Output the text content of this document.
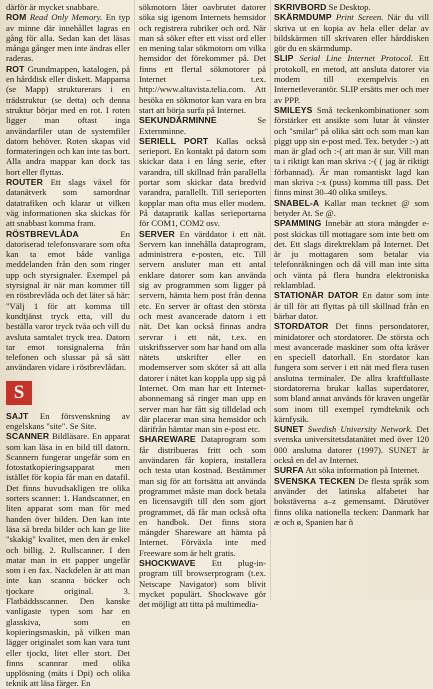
därför är mycket snabbare.

ROM Read Only Memory. En typ av minne där innehållet lagras en gång för alla. Sedan kan det läsas många gånger men inte ändras eller raderas.

ROT Grundmappen, katalogen, på en hårddisk eller diskett. Mapparna (se Mapp) strukturerars i en trädstruktur (se detta) och denna struktur börjar med en rot. I roten ligger man oftast inga användarfiler utan de systemfiler datorn behöver. Roten skapas vid formateringen och kan inte tas bort. Alla andra mappar kan dock tas bort eller flyttas.

ROUTER Ett slags växel för datanätverk som samordnar datatrafiken och klarar ut vilken väg informationen ska skickas för att snabbast komma fram.

RÖSTBREVLÅDA	En datoriserad telefonsvarare som ofta kan ta emot både vanliga meddelanden från den som ringer upp och styrsignaler. Exempel på styrsignal är när man kommer till en röstbrevlåda och det läter så här: "Välj 1 för att komma till kundtjänst tryck etta, vill du beställa varor tryck tvåa och vill du avsluta samtalet tryck trea. Datorn tar emot tonsignalerna från telefonen och slussar på så sätt användaren vidare i röstbrevlådan.

S

SAJT En försvenskning av engelskans "site". Se Site.

SCANNER Bildläsare. En apparat som kan läsa in en bild till datorn. Scannern fungerar ungefär som en fotostatkopieringsapparat men istället för kopia får man en datafil. Det finns huvudsakligen tre olika sorters scanner: 1. Handscanner, en liten apparat som man för med handen över bilden. Den kan inte läsa så breda bilder och kan ge lite "skakig" kvalitet, men den är enkel och billig. 2. Rullscanner. I den matar man in ett papper ungefär som i en fax. Nackdelen är att man inte kan scanna böcker och tjockare original. 3. Flatbäddsscanner. Den kanske vanligaste typen som har en glasskiva, som en kopieringsmaskin, på vilken man lägger originalet som kan vara tunt eller tjockt, litet eller stort. Det finns scannrar med olika upplösning (mäts i Dpi) och olika teknik att läsa färger. En

sökmotorn låter oavbrutet datorer söka sig igenom Internets hemsidor och registrera rubriker och ord. När man så söker efter ett visst ord eller en mening talar sökmotorn om vilka hemsidor det förekommer på. Det finns ett flertal sökmotorer på Internet – t.ex. http://www.altavista.telia.com. Att besöka en sökmotor kan vara en bra start att börja surfa på Internet.

SEKUNDÄRMINNE	Se Externminne.

SERIELL PORT Kallas också serieport. En kontakt på datorn som skickar data i en lång serie, efter varandra, till skillnad från parallella portar som skickar data bredvid varandra, parallellt. Till serieporten kopplar man ofta mus eller modem. På datapratik kallas serieportarna för COM1, COM2 osv.

SERVER En värddator i ett nät. Servern kan innehålla dataprogram, administrera e-posten, etc. Till servern ansluter man ett antal enklare datorer som kan använda sig av programmen som ligger på servern, hämta hem post från denna etc. En server är oftast den största och mest avancerade datorn i ett nät. Det kan också finnas andra servrar i ett nät, t.ex. en utskriftsserver som har hand om alla nätets utskrifter eller en modemserver som sköter så att alla datorer i nätet kan koppla upp sig på Internet. Om man har ett Internet-abonnemang så ringer man upp en server man har fått sig tilldelad och där placerar man sina hemsidor och därifrån hämtar man sin e-post etc.

SHAREWARE Dataprogram som får distribueras fritt och som användaren får kopiera, installera och testa utan kostnad. Bestämmer man sig för att fortsätta att använda programmet måste man dock betala en licensavgift till den som gjort programmet, då får man också ofta en handbok. Det finns stora mängder Shareware att hämta på Internet. Förväxla inte med Freeware som är helt gratis.

SHOCKWAVE Ett plug-in-program till browserprogram (t.ex. Netscape Navigator) som blivit mycket populärt. Shockwave gör det möjligt att titta på multimedia-

SKRIVBORD Se Desktop.

SKÄRMDUMP Print Screen. När du vill skriva ut en kopia av hela eller delar av bildskärmen till skrivaren eller hårddisken gör du en skärmdump.

SLIP Serial Line Internet Protocol. Ett protokoll, en metod, att ansluta datorer via modem till exempelvis en Internetleverantör. SLIP ersätts mer och mer av PPP.

SMILEYS Små teckenkombinationer som förstärker ett ansikte som lutar åt vänster och "smilar" på olika sätt och som man kan piggt upp sin e-post med. Tex. betyder :-) att man är glad och :-( att man är sur. Vill man ta i riktigt kan man skriva :-( ( jag är riktigt förbannad). Är man romantiskt lagd kan man skriva :-x (puss) komma till pass. Det finns minst 30–40 olika smileys.

SNABEL-A Kallar man tecknet @ som betyder At. Se @.

SPAMMING Innebär att stora mängder e-post skickas till mottagare som inte bett om det. Ett slags direktreklam på Internet. Det är ju mottagaren som betalar via telefonräkningen och då vill man inte sitta och vänta på flera hundra elektroniska reklamblad.

STATIONÄR DATOR En dator som inte är till för att flyttas på till skillnad från en bärbar dator.

STORDATOR Det finns persondatorer, minidatorer och stordatorer. De största och mest avancerade maskiner som ofta kräver en speciell datorhall. En stordator kan fungera som server i ett nät med flera tusen anslutna terminaler. De allra kraftfullaste stordatorerna brukar kallas superdatorer, som bland annat används för kraven ungefär som inom till exempel rymdteknik och kärnfysik.

SUNET Swedish University Network. Det svenska universitetsdatanätet med över 120 000 anslutna datorer (1997). SUNET är också en del av Internet.

SURFA Att söka information på Internet.

SVENSKA TECKEN De flesta språk som använder det latinska alfabetet har bokstäverna a–z gemensamt. Därutöver finns olika nationella tecken: Danmark har æ och ø, Spanien har ñ
